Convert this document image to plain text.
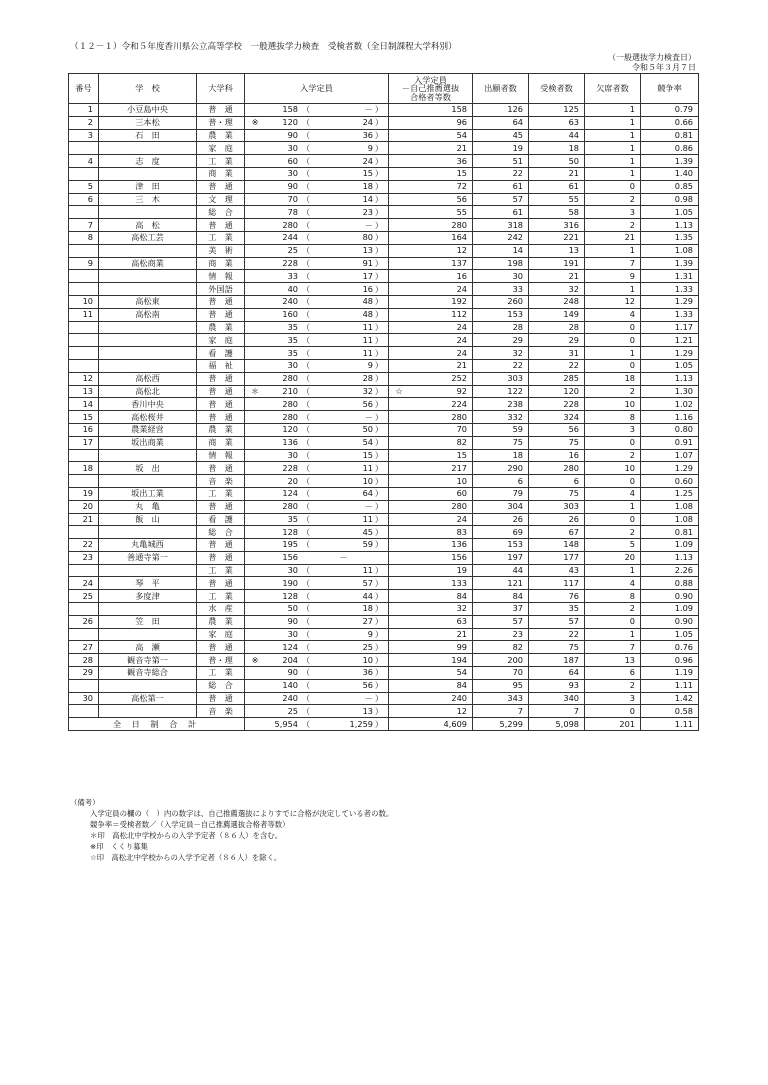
（１２－１）令和５年度香川県公立高等学校　一般選抜学力検査　受検者数（全日制課程大学科別）
（一般選抜学力検査日）
令和５年３月７日
番号	学　校	大学科	入学定員	入学定員
－自己推薦選抜
合格者等数	出願者数	受検者数	欠席者数	競争率
1	小豆島中央	普　通	158 （ － ）	158	126	125	1	0.79
2	三本松	普・理	※ 120 （ 24 ）	96	64	63	1	0.66
3	石　田	農　業	90 （ 36 ）	54	45	44	1	0.81
		家　庭	30 （ 9 ）	21	19	18	1	0.86
4	志　度	工　業	60 （ 24 ）	36	51	50	1	1.39
		商　業	30 （ 15 ）	15	22	21	1	1.40
5	津　田	普　通	90 （ 18 ）	72	61	61	0	0.85
6	三　木	文　理	70 （ 14 ）	56	57	55	2	0.98
		総　合	78 （ 23 ）	55	61	58	3	1.05
7	高　松	普　通	280 （ － ）	280	318	316	2	1.13
8	高松工芸	工　業	244 （ 80 ）	164	242	221	21	1.35
		美　術	25 （ 13 ）	12	14	13	1	1.08
9	高松商業	商　業	228 （ 91 ）	137	198	191	7	1.39
		情　報	33 （ 17 ）	16	30	21	9	1.31
		外国語	40 （ 16 ）	24	33	32	1	1.33
10	高松東	普　通	240 （ 48 ）	192	260	248	12	1.29
11	高松南	普　通	160 （ 48 ）	112	153	149	4	1.33
		農　業	35 （ 11 ）	24	28	28	0	1.17
		家　庭	35 （ 11 ）	24	29	29	0	1.21
		看　護	35 （ 11 ）	24	32	31	1	1.29
		福　祉	30 （ 9 ）	21	22	22	0	1.05
12	高松西	普　通	280 （ 28 ）	252	303	285	18	1.13
13	高松北	普　通	＊ 210 （ 32 ）	☆ 92	122	120	2	1.30
14	香川中央	普　通	280 （ 56 ）	224	238	228	10	1.02
15	高松桜井	普　通	280 （ － ）	280	332	324	8	1.16
16	農業経営	農　業	120 （ 50 ）	70	59	56	3	0.80
17	坂出商業	商　業	136 （ 54 ）	82	75	75	0	0.91
		情　報	30 （ 15 ）	15	18	16	2	1.07
18	坂　出	普　通	228 （ 11 ）	217	290	280	10	1.29
		音　楽	20 （ 10 ）	10	6	6	0	0.60
19	坂出工業	工　業	124 （ 64 ）	60	79	75	4	1.25
20	丸　亀	普　通	280 （ － ）	280	304	303	1	1.08
21	飯　山	看　護	35 （ 11 ）	24	26	26	0	1.08
		総　合	128 （ 45 ）	83	69	67	2	0.81
22	丸亀城西	普　通	195 （ 59 ）	136	153	148	5	1.09
23	善通寺第一	普　通	156 －	156	197	177	20	1.13
		工　業	30 （ 11 ）	19	44	43	1	2.26
24	琴　平	普　通	190 （ 57 ）	133	121	117	4	0.88
25	多度津	工　業	128 （ 44 ）	84	84	76	8	0.90
		水　産	50 （ 18 ）	32	37	35	2	1.09
26	笠　田	農　業	90 （ 27 ）	63	57	57	0	0.90
		家　庭	30 （ 9 ）	21	23	22	1	1.05
27	高　瀬	普　通	124 （ 25 ）	99	82	75	7	0.76
28	観音寺第一	普・理	※ 204 （ 10 ）	194	200	187	13	0.96
29	観音寺総合	工　業	90 （ 36 ）	54	70	64	6	1.19
		総　合	140 （ 56 ）	84	95	93	2	1.11
30	高松第一	普　通	240 （ － ）	240	343	340	3	1.42
		音　楽	25 （ 13 ）	12	7	7	0	0.58
全 日 制 合 計			5,954 （ 1,259 ）	4,609	5,299	5,098	201	1.11
（備考）
入学定員の欄の（　）内の数字は、自己推薦選抜によりすでに合格が決定している者の数。
競争率＝受検者数／（入学定員－自己推薦選抜合格者等数）
＊印　高松北中学校からの入学予定者（８６人）を含む。
※印　くくり募集
☆印　高松北中学校からの入学予定者（８６人）を除く。
